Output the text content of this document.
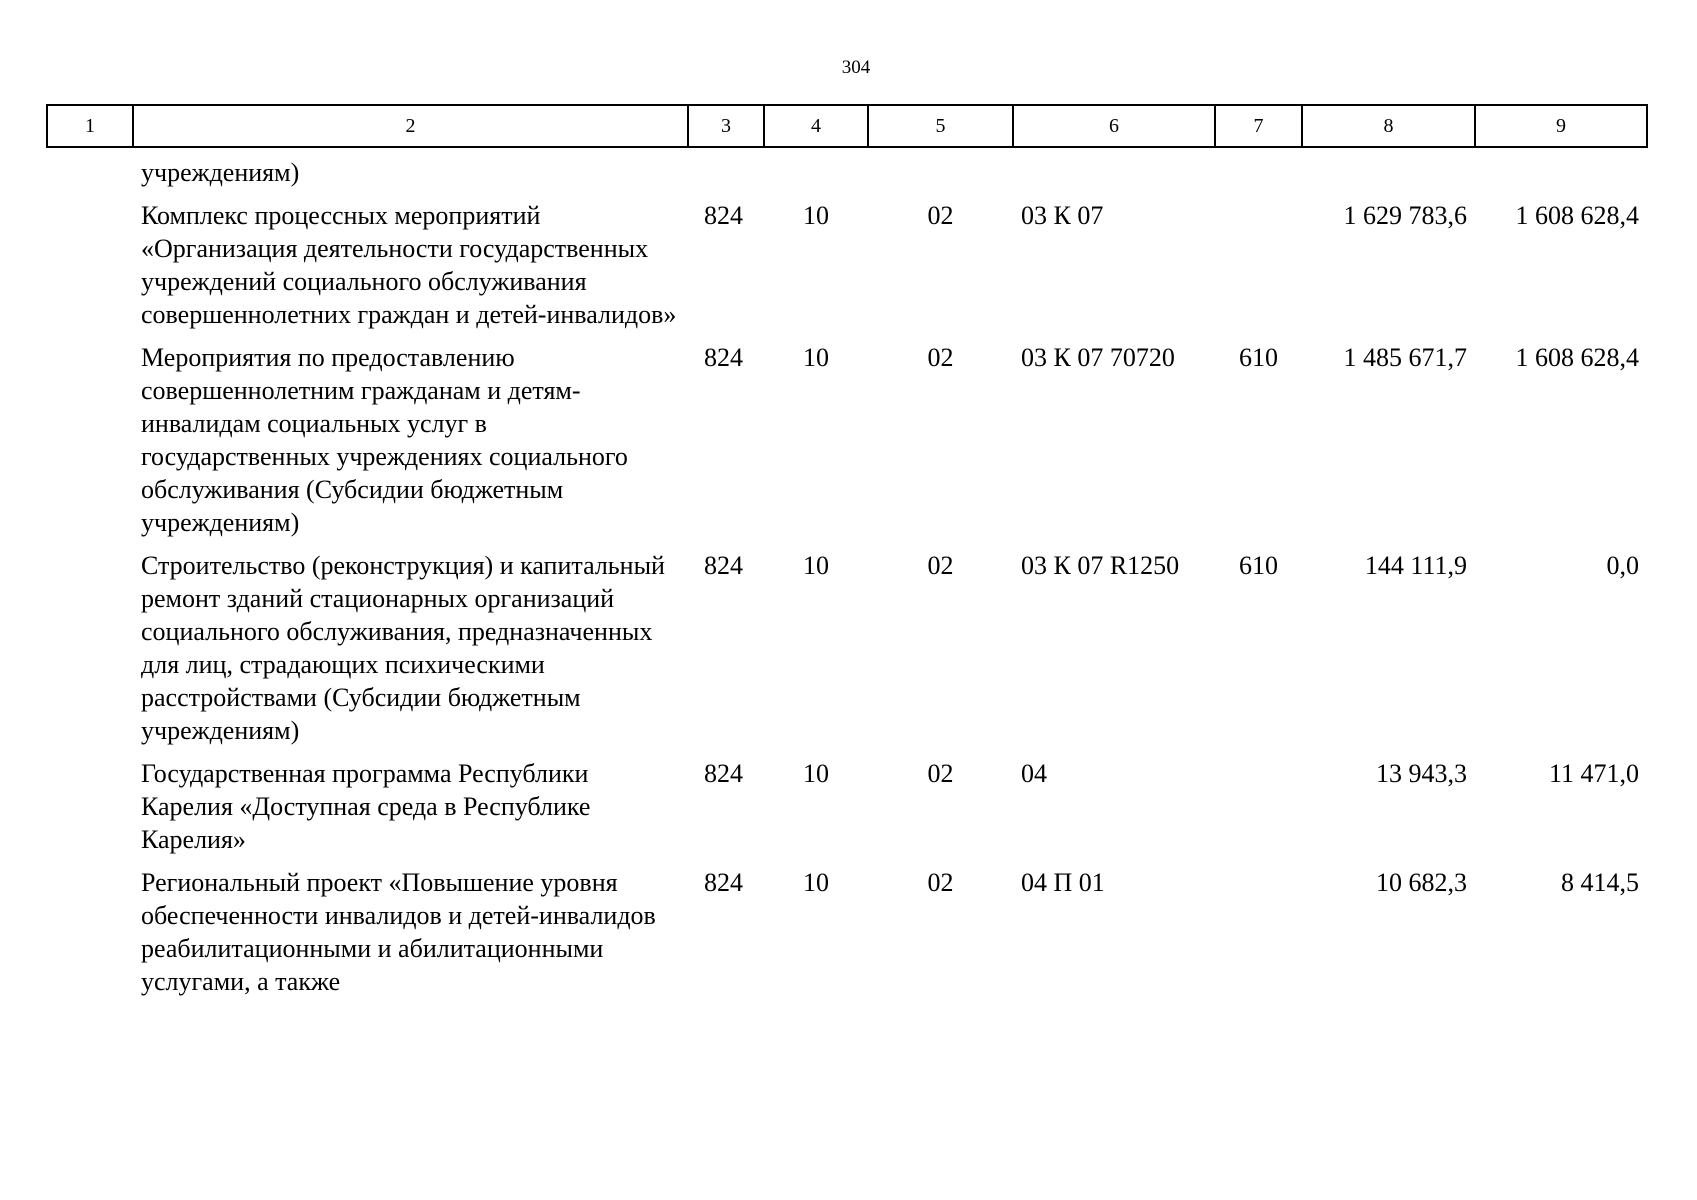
304
1	2	3	4	5	6	7	8	9
	учреждениям)							
	Комплекс процессных мероприятий «Организация деятельности государственных учреждений социального обслуживания совершеннолетних граждан и детей-инвалидов»	824	10	02	03 К 07		1 629 783,6	1 608 628,4
	Мероприятия по предоставлению совершеннолетним гражданам и детям-инвалидам социальных услуг в государственных учреждениях социального обслуживания (Субсидии бюджетным учреждениям)	824	10	02	03 К 07 70720	610	1 485 671,7	1 608 628,4
	Строительство (реконструкция) и капитальный ремонт зданий стационарных организаций социального обслуживания, предназначенных для лиц, страдающих психическими расстройствами (Субсидии бюджетным учреждениям)	824	10	02	03 К 07 R1250	610	144 111,9	0,0
	Государственная программа Республики Карелия «Доступная среда в Республике Карелия»	824	10	02	04		13 943,3	11 471,0
	Региональный проект «Повышение уровня обеспеченности инвалидов и детей-инвалидов реабилитационными и абилитационными услугами, а также	824	10	02	04 П 01		10 682,3	8 414,5
